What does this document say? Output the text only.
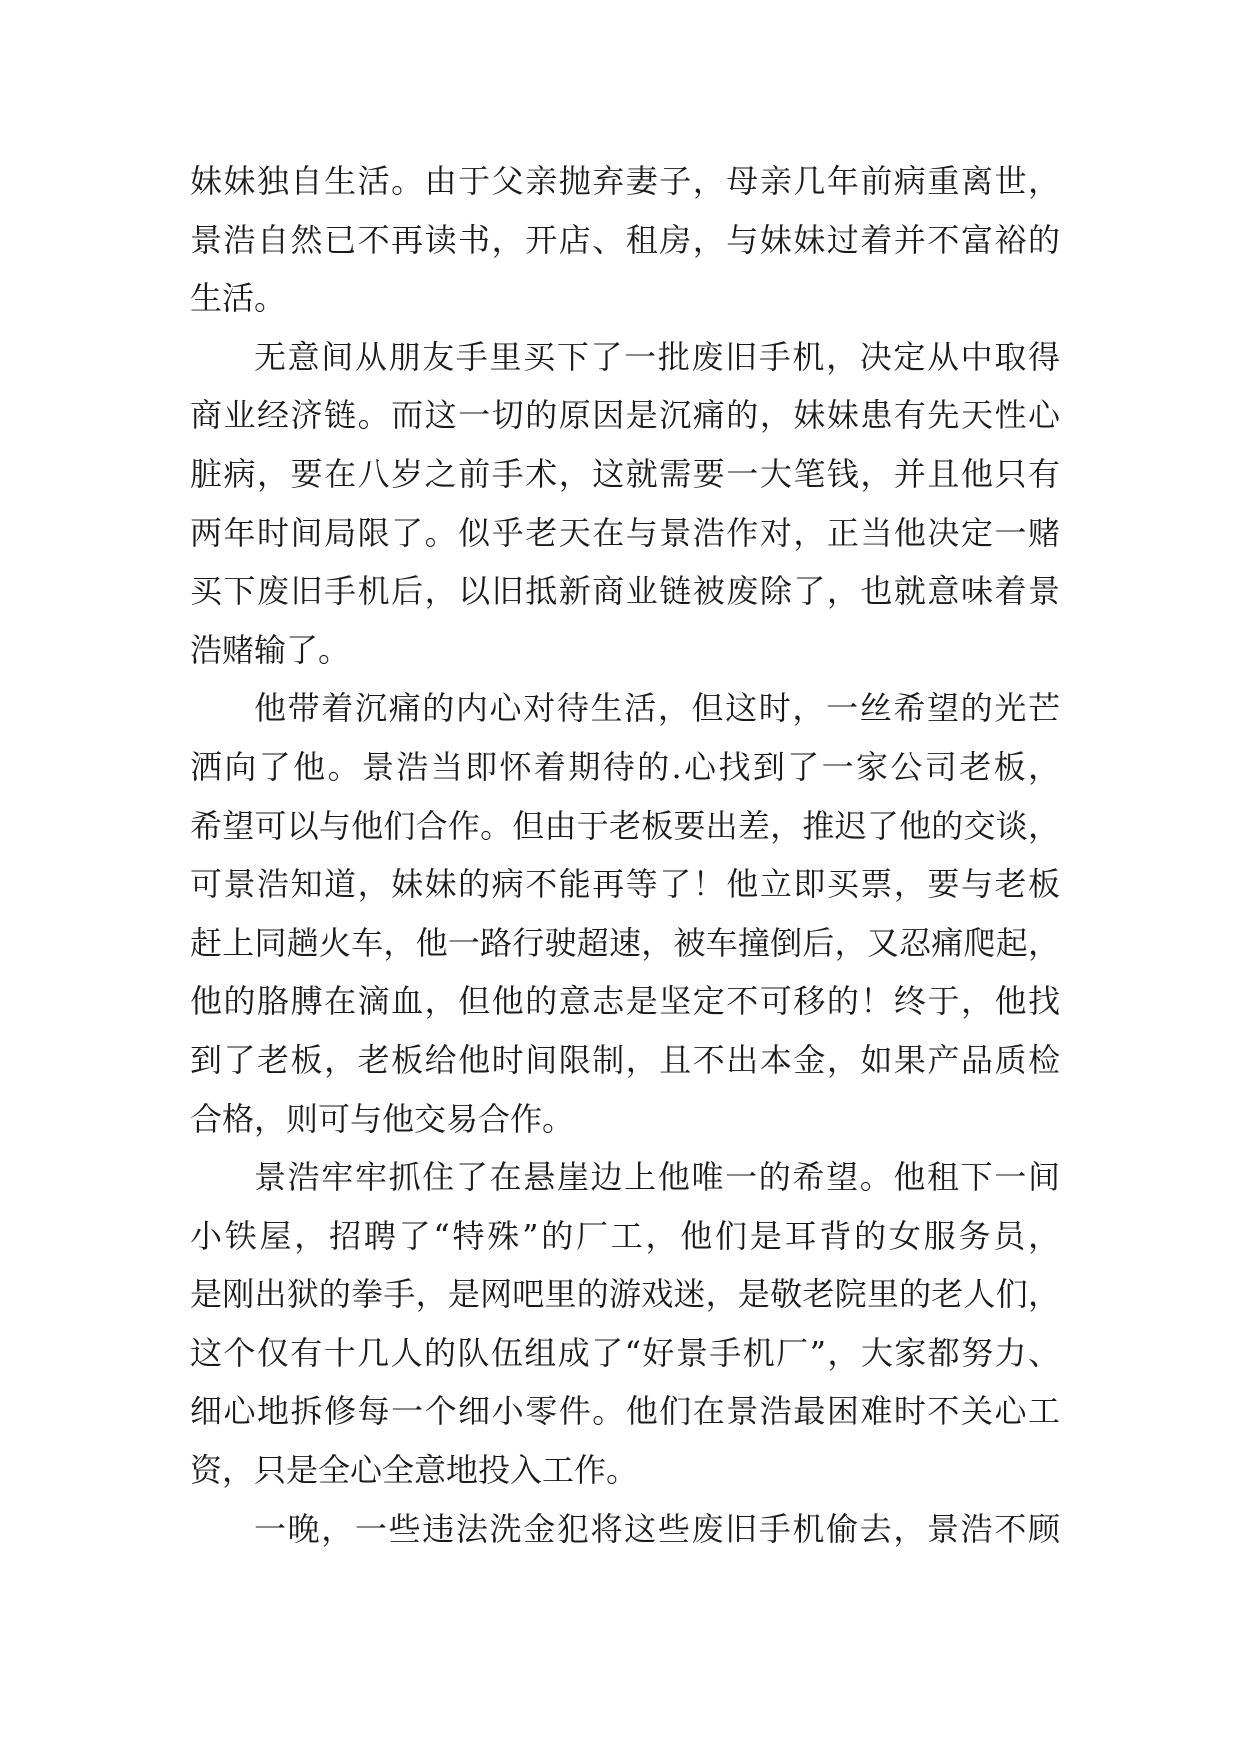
妹妹独自生活。由于父亲抛弃妻子，母亲几年前病重离世，
景浩自然已不再读书，开店、租房，与妹妹过着并不富裕的
生活。
无意间从朋友手里买下了一批废旧手机，决定从中取得
商业经济链。而这一切的原因是沉痛的，妹妹患有先天性心
脏病，要在八岁之前手术，这就需要一大笔钱，并且他只有
两年时间局限了。似乎老天在与景浩作对，正当他决定一赌
买下废旧手机后，以旧抵新商业链被废除了，也就意味着景
浩赌输了。
他带着沉痛的内心对待生活，但这时，一丝希望的光芒
洒向了他。景浩当即怀着期待的.心找到了一家公司老板，
希望可以与他们合作。但由于老板要出差，推迟了他的交谈，
可景浩知道，妹妹的病不能再等了！他立即买票，要与老板
赶上同趟火车，他一路行驶超速，被车撞倒后，又忍痛爬起，
他的胳膊在滴血，但他的意志是坚定不可移的！终于，他找
到了老板，老板给他时间限制，且不出本金，如果产品质检
合格，则可与他交易合作。
景浩牢牢抓住了在悬崖边上他唯一的希望。他租下一间
小铁屋，招聘了“特殊”的厂工，他们是耳背的女服务员，
是刚出狱的拳手，是网吧里的游戏迷，是敬老院里的老人们，
这个仅有十几人的队伍组成了“好景手机厂”，大家都努力、
细心地拆修每一个细小零件。他们在景浩最困难时不关心工
资，只是全心全意地投入工作。
一晚，一些违法洗金犯将这些废旧手机偷去，景浩不顾
